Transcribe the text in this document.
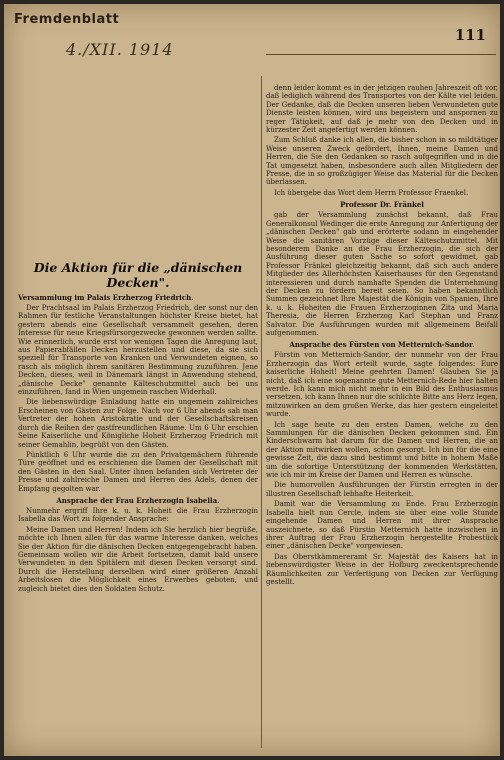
Fremdenblatt
4./XII. 1914
111

denn leider kommt es in der jetzigen rauhen Jahreszeit oft vor, daß lediglich während des Transportes von der Kälte viel leiden. Der Gedanke, daß die Decken unseren lieben Verwundeten gute Dienste leisten können, wird uns begeistern und anspornen zu reger Tätigkeit, auf daß je mehr von den Decken und in kürzester Zeit angefertigt werden können.

Zum Schluß danke ich allen, die bisher schon in so mildtätiger Weise unseren Zweck gefördert, Ihnen, meine Damen und Herren, die Sie den Gedanken so rasch aufgegriffen und in die Tat umgesetzt haben, insbesondere auch allen Mitgliedern der Presse, die in so großzügiger Weise das Material für die Decken überlassen.

Ich übergebe das Wort dem Herrn Professor Fraenkel.

Professor Dr. Fränkel

gab der Versammlung zunächst bekannt, daß Frau Generalkonsul Wedinger die erste Anregung zur Anfertigung der „dänischen Decken" gab und erörterte sodann in eingehender Weise die sanitären Vorzüge dieser Kälteschutzmittel. Mit besonderem Danke an die Frau Erzherzogin, die sich der Ausführung dieser guten Sache so sofort gewidmet, gab Professor Fränkel gleichzeitig bekannt, daß sich auch andere Mitglieder des Allerhöchsten Kaiserhauses für den Gegenstand interessieren und durch namhafte Spenden die Unternehmung der Decken zu fördern bereit seien. So haben bekanntlich Summen gezeichnet Ihre Majestät die Königin von Spanien, Ihre k. u. k. Hoheiten die Frauen Erzherzoginnen Zita und Maria Theresia, die Herren Erzherzog Karl Stephan und Franz Salvator. Die Ausführungen wurden mit allgemeinem Beifall aufgenommen.

Ansprache des Fürsten von Metternich-Sandor.

Fürstin von Metternich-Sandor, der nunmehr von der Frau Erzherzogin das Wort erteilt wurde, sagte folgendes: Eure kaiserliche Hoheit! Meine geehrten Damen! Glauben Sie ja nicht, daß ich eine sogenannte gute Metternich-Rede hier halten werde. Ich kann mich nicht mehr in ein Bild des Enthusiasmus versetzen, ich kann Ihnen nur die schlichte Bitte ans Herz legen, mitzuwirken an dem großen Werke, das hier gestern eingeleitet wurde.

Ich sage heute zu den ersten Damen, welche zu den Sammlungen für die dänischen Decken gekommen sind. Ein Kinderschwarm hat darum für die Damen und Herren, die an der Aktion mitwirken wollen, schon gesorgt. Ich bin für die eine gewisse Zeit, die dazu sind bestimmt und bitte in hohem Maße um die sofortige Unterstützung der kommenden Werkstätten, wie ich mir im Kreise der Damen und Herren es wünsche.

Die humorvollen Ausführungen der Fürstin erregten in der illustren Gesellschaft lebhafte Heiterkeit.

Damit war die Versammlung zu Ende. Frau Erzherzogin Isabella hielt nun Cercle, indem sie über eine volle Stunde eingehende Damen und Herren mit ihrer Ansprache auszeichnete, so daß Fürstin Metternich hatte inzwischen in ihrer Auftrag der Frau Erzherzogin hergestellte Probestück einer „dänischen Decke" vorgewiesen.

Das Oberstkämmereramt Sr. Majestät des Kaisers hat in liebenswürdigster Weise in der Hofburg zweckentsprechende Räumlichkeiten zur Verfertigung von Decken zur Verfügung gestellt.

Die Aktion für die „dänischen Decken".
Versammlung im Palais Erzherzog Friedrich.

Der Prachtsaal im Palais Erzherzog Friedrich, der sonst nur den Rahmen für festliche Veranstaltungen höchster Kreise bietet, hat gestern abends eine Gesellschaft versammelt gesehen, deren Interesse für neue Kriegsfürsorgezwecke gewonnen werden sollte. Wie erinnerlich, wurde erst vor wenigen Tagen die Anregung laut, aus Papierabfällen Decken herzustellen und diese, da sie sich speziell für Transporte von Kranken und Verwundeten eignen, so rasch als möglich ihrem sanitären Bestimmung zuzuführen. Jene Decken, dieses, weil in Dänemark längst in Anwendung stehend, „dänische Decke" genannte Kälteschutzmittel auch bei uns einzuführen, fand in Wien ungemein raschen Widerhall.

Die liebenswürdige Einladung hatte ein ungemein zahlreiches Erscheinen von Gästen zur Folge. Nach vor 6 Uhr abends sah man Vertreter der hohen Aristokratie und der Gesellschaftskreisen durch die Reihen der gastfreundlichen Räume. Um 6 Uhr erschien Seine Kaiserliche und Königliche Hoheit Erzherzog Friedrich mit seiner Gemahlin, begrüßt von den Gästen.

Pünktlich 6 Uhr wurde die zu den Privatgemächern führende Türe geöffnet und es erschienen die Damen der Gesellschaft mit den Gästen in den Saal. Unter ihnen befanden sich Vertreter der Presse und zahlreiche Damen und Herren des Adels, denen der Empfang gegolten war.

Ansprache der Frau Erzherzogin Isabella.

Nunmehr ergriff Ihre k. u. k. Hoheit die Frau Erzherzogin Isabella das Wort zu folgender Ansprache:

Meine Damen und Herren! Indem ich Sie herzlich hier begrüße, möchte ich Ihnen allen für das warme Interesse danken, welches Sie der Aktion für die dänischen Decken entgegengebracht haben. Gemeinsam wollen wir die Arbeit fortsetzen, damit bald unsere Verwundeten in den Spitälern mit diesen Decken versorgt sind. Durch die Herstellung derselben wird einer größeren Anzahl Arbeitslosen die Möglichkeit eines Erwerbes geboten, und zugleich bietet dies den Soldaten Schutz.
